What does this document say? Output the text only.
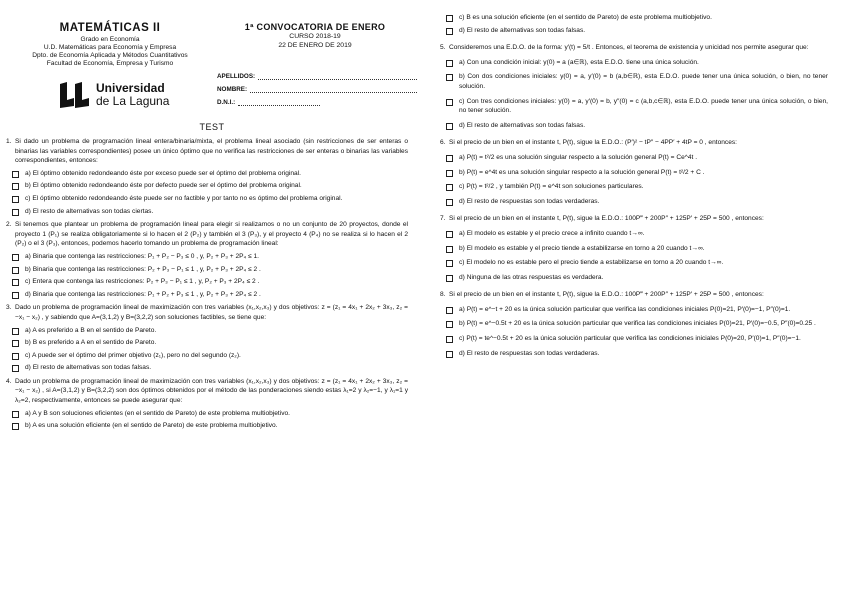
MATEMÁTICAS II
Grado en Economía
U.D. Matemáticas para Economía y Empresa
Dpto. de Economía Aplicada y Métodos Cuantitativos
Facultad de Economía, Empresa y Turismo
Universidad
de La Laguna
1ª CONVOCATORIA DE ENERO
CURSO 2018-19
22 DE ENERO DE 2019
APELLIDOS:
NOMBRE:
D.N.I.:
TEST
1. Si dado un problema de programación lineal entera/binaria/mixta, el problema lineal asociado (sin restricciones de ser enteras o binarias las variables correspondientes) posee un único óptimo que no verifica las restricciones de ser enteras o binarias las variables correspondientes, entonces:
a) El óptimo obtenido redondeando éste por exceso puede ser el óptimo del problema original.
b) El óptimo obtenido redondeando éste por defecto puede ser el óptimo del problema original.
c) El óptimo obtenido redondeando éste puede ser no factible y por tanto no es óptimo del problema original.
d) El resto de alternativas son todas ciertas.
2. Si tenemos que plantear un problema de programación lineal para elegir si realizamos o no un conjunto de 20 proyectos, donde el proyecto 1 (P₁) se realiza obligatoriamente si lo hacen el 2 (P₂) y también el 3 (P₃), y el proyecto 4 (P₄) no se realiza si lo hacen el 2 (P₂) o el 3 (P₃), entonces, podemos hacerlo tomando un problema de programación lineal:
a) Binaria que contenga las restricciones: P₁ + P₂ − P₃ ≤ 0 , y, P₂ + P₃ + 2P₄ ≤ 1.
b) Binaria que contenga las restricciones: P₂ + P₃ − P₁ ≤ 1 , y, P₂ + P₃ + 2P₄ ≤ 2 .
c) Entera que contenga las restricciones: P₂ + P₃ − P₁ ≤ 1 , y, P₂ + P₃ + 2P₄ ≤ 2 .
d) Binaria que contenga las restricciones: P₁ + P₂ + P₃ ≤ 1 , y, P₂ + P₃ + 2P₄ ≤ 2 .
3. Dado un problema de programación lineal de maximización con tres variables (x₁,x₂,x₃) y dos objetivos: z = (z₁ = 4x₁ + 2x₂ + 3x₃, z₂ = −x₁ − x₂) , y sabiendo que A=(3,1,2) y B=(3,2,2) son soluciones factibles, se tiene que:
a) A es preferido a B en el sentido de Pareto.
b) B es preferido a A en el sentido de Pareto.
c) A puede ser el óptimo del primer objetivo (z₁), pero no del segundo (z₂).
d) El resto de alternativas son todas falsas.
4. Dado un problema de programación lineal de maximización con tres variables (x₁,x₂,x₃) y dos objetivos: z = (z₁ = 4x₁ + 2x₂ + 3x₃, z₂ = −x₁ − x₂) , si A=(3,1,2) y B=(3,2,2) son dos óptimos obtenidos por el método de las ponderaciones siendo estas λ₁=2 y λ₂=−1, y λ₁=1 y λ₂=2, respectivamente, entonces se puede asegurar que:
a) A y B son soluciones eficientes (en el sentido de Pareto) de este problema multiobjetivo.
b) A es una solución eficiente (en el sentido de Pareto) de este problema multiobjetivo.
c) B es una solución eficiente (en el sentido de Pareto) de este problema multiobjetivo.
d) El resto de alternativas son todas falsas.
5. Consideremos una E.D.O. de la forma: y′(t) = 5/t . Entonces, el teorema de existencia y unicidad nos permite asegurar que:
a) Con una condición inicial: y(0) = a (a∈ℝ), esta E.D.O. tiene una única solución.
b) Con dos condiciones iniciales: y(0) = a, y′(0) = b (a,b∈ℝ), esta E.D.O. puede tener una única solución, o bien, no tener solución.
c) Con tres condiciones iniciales: y(0) = a, y′(0) = b, y″(0) = c (a,b,c∈ℝ), esta E.D.O. puede tener una única solución, o bien, no tener solución.
d) El resto de alternativas son todas falsas.
6. Si el precio de un bien en el instante t, P(t), sigue la E.D.O.: (P′)² − tP″ − 4PP′ + 4tP = 0 , entonces:
a) P(t) = t²/2 es una solución singular respecto a la solución general P(t) = Ce^4t .
b) P(t) = e^4t es una solución singular respecto a la solución general P(t) = t²/2 + C .
c) P(t) = t²/2 , y también P(t) = e^4t son soluciones particulares.
d) El resto de respuestas son todas verdaderas.
7. Si el precio de un bien en el instante t, P(t), sigue la E.D.O.: 100P‴ + 200P″ + 125P′ + 25P = 500 , entonces:
a) El modelo es estable y el precio crece a infinito cuando t→∞.
b) El modelo es estable y el precio tiende a estabilizarse en torno a 20 cuando t→∞.
c) El modelo no es estable pero el precio tiende a estabilizarse en torno a 20 cuando t→∞.
d) Ninguna de las otras respuestas es verdadera.
8. Si el precio de un bien en el instante t, P(t), sigue la E.D.O.: 100P‴ + 200P″ + 125P′ + 25P = 500 , entonces:
a) P(t) = e^−t + 20 es la única solución particular que verifica las condiciones iniciales P(0)=21, P′(0)=−1, P″(0)=1.
b) P(t) = e^−0.5t + 20 es la única solución particular que verifica las condiciones iniciales P(0)=21, P′(0)=−0.5, P″(0)=0.25 .
c) P(t) = te^−0.5t + 20 es la única solución particular que verifica las condiciones iniciales P(0)=20, P′(0)=1, P″(0)=−1.
d) El resto de respuestas son todas verdaderas.
